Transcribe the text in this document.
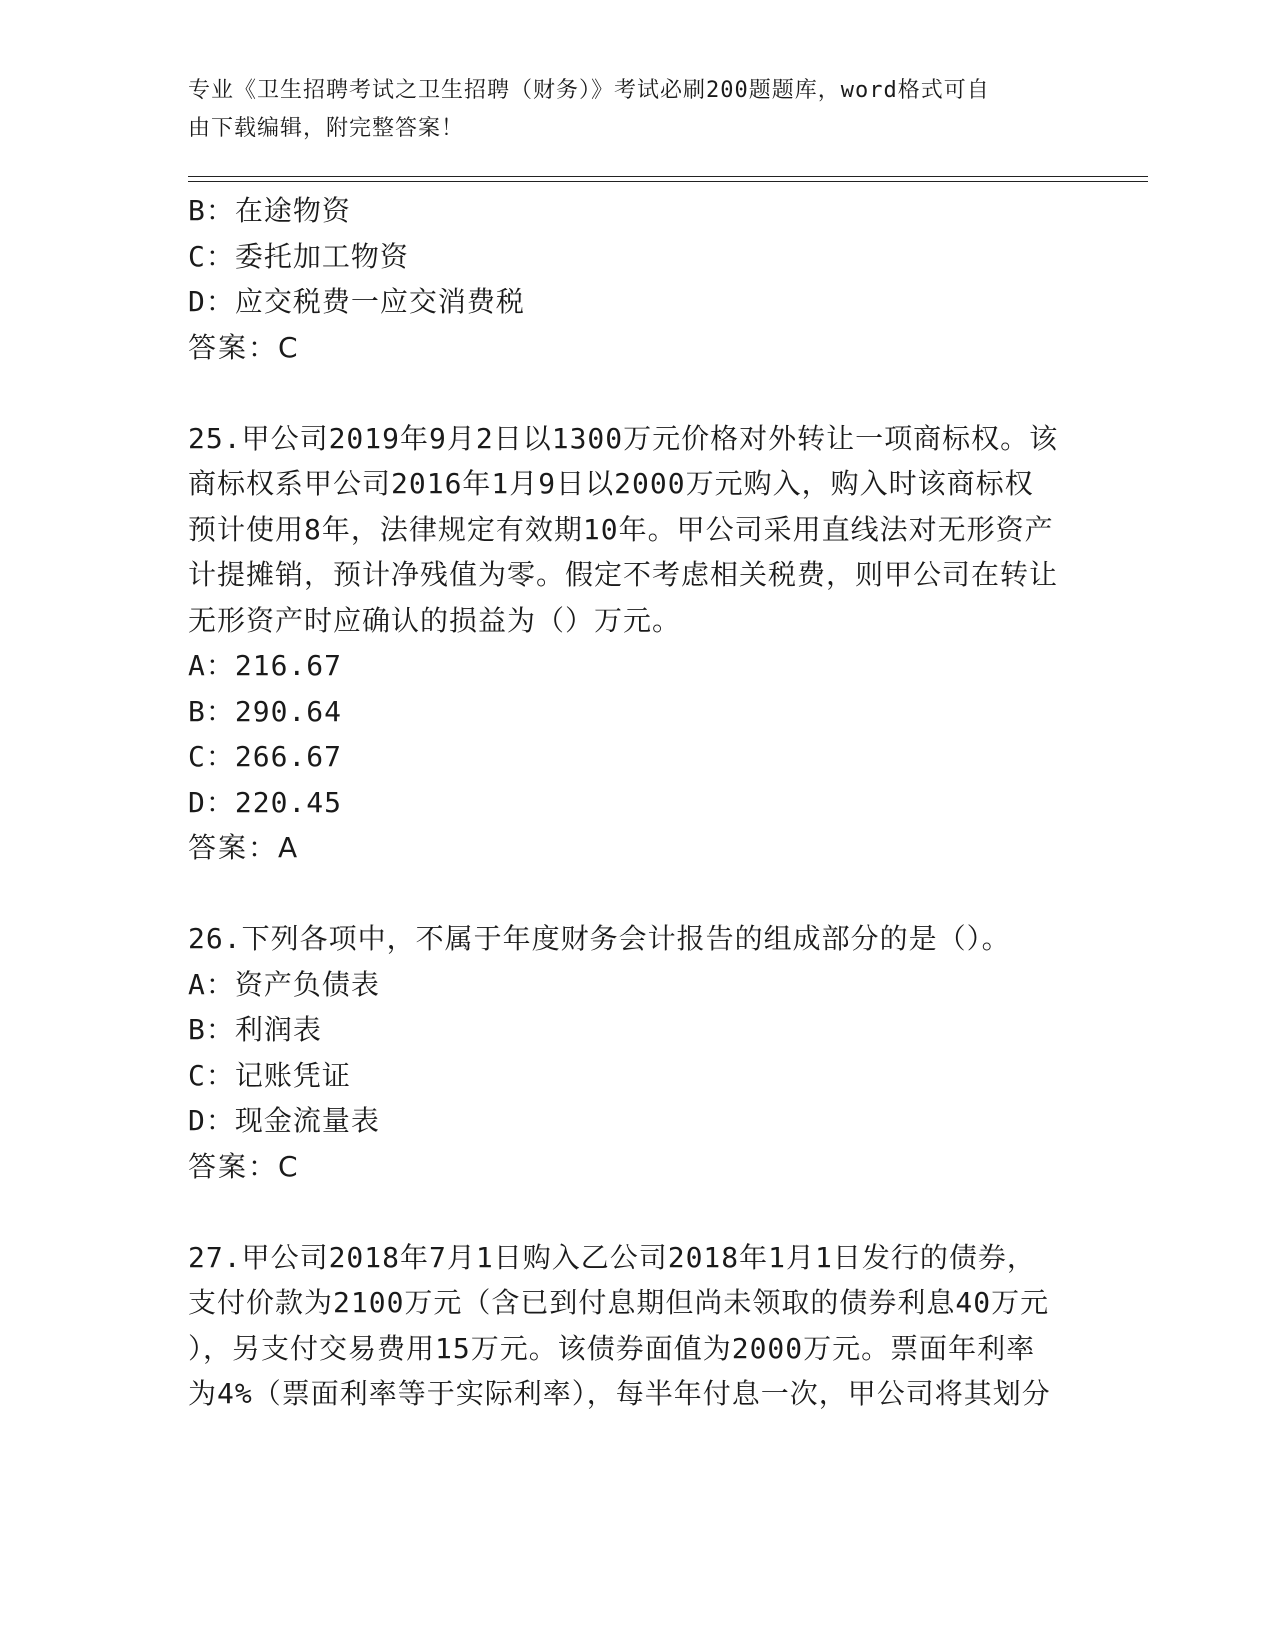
专业《卫生招聘考试之卫生招聘（财务）》考试必刷200题题库，word格式可自
由下载编辑，附完整答案！
B：在途物资
C：委托加工物资
D：应交税费一应交消费税
答案：C
25.甲公司2019年9月2日以1300万元价格对外转让一项商标权。该
商标权系甲公司2016年1月9日以2000万元购入，购入时该商标权
预计使用8年，法律规定有效期10年。甲公司采用直线法对无形资产
计提摊销，预计净残值为零。假定不考虑相关税费，则甲公司在转让
无形资产时应确认的损益为（）万元。
A：216.67
B：290.64
C：266.67
D：220.45
答案：A
26.下列各项中，不属于年度财务会计报告的组成部分的是（）。
A：资产负债表
B：利润表
C：记账凭证
D：现金流量表
答案：C
27.甲公司2018年7月1日购入乙公司2018年1月1日发行的债券，
支付价款为2100万元（含已到付息期但尚未领取的债券利息40万元
），另支付交易费用15万元。该债券面值为2000万元。票面年利率
为4%（票面利率等于实际利率），每半年付息一次，甲公司将其划分
